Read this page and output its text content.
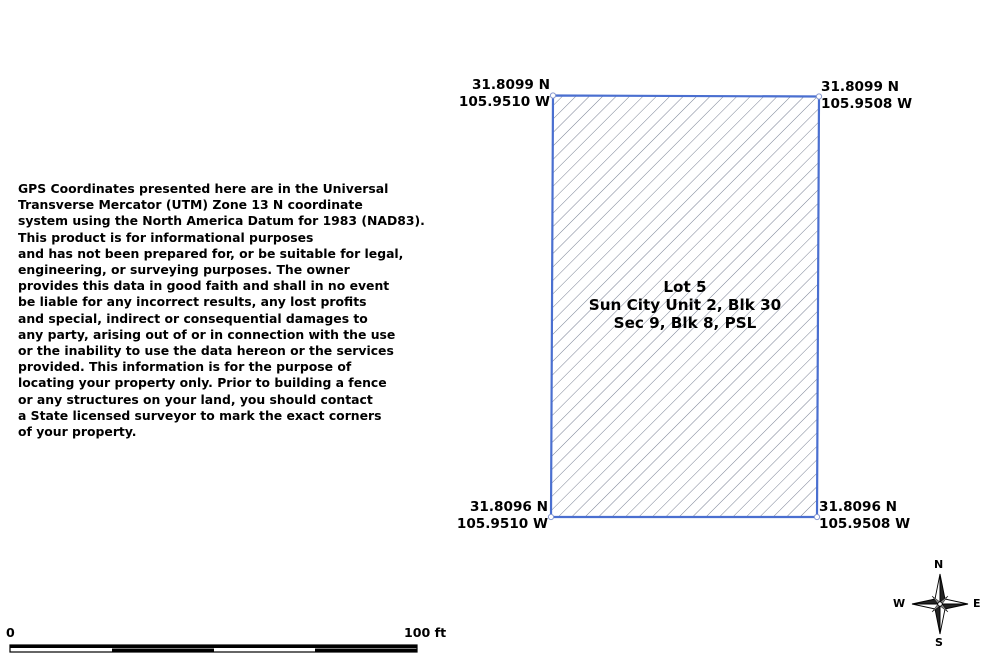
GPS Coordinates presented here are in the Universal
Transverse Mercator (UTM) Zone 13 N coordinate
system using the North America Datum for 1983 (NAD83).
This product is for informational purposes
and has not been prepared for, or be suitable for legal,
engineering, or surveying purposes. The owner
provides this data in good faith and shall in no event
be liable for any incorrect results, any lost profits
and special, indirect or consequential damages to
any party, arising out of or in connection with the use
or the inability to use the data hereon or the services
provided. This information is for the purpose of
locating your property only. Prior to building a fence
or any structures on your land, you should contact
a State licensed surveyor to mark the exact corners
of your property.

31.8099 N
105.9510 W
31.8099 N
105.9508 W
31.8096 N
105.9510 W
31.8096 N
105.9508 W
Lot 5
Sun City Unit 2, Blk 30
Sec 9, Blk 8, PSL
0	100 ft
N
S
W	E
